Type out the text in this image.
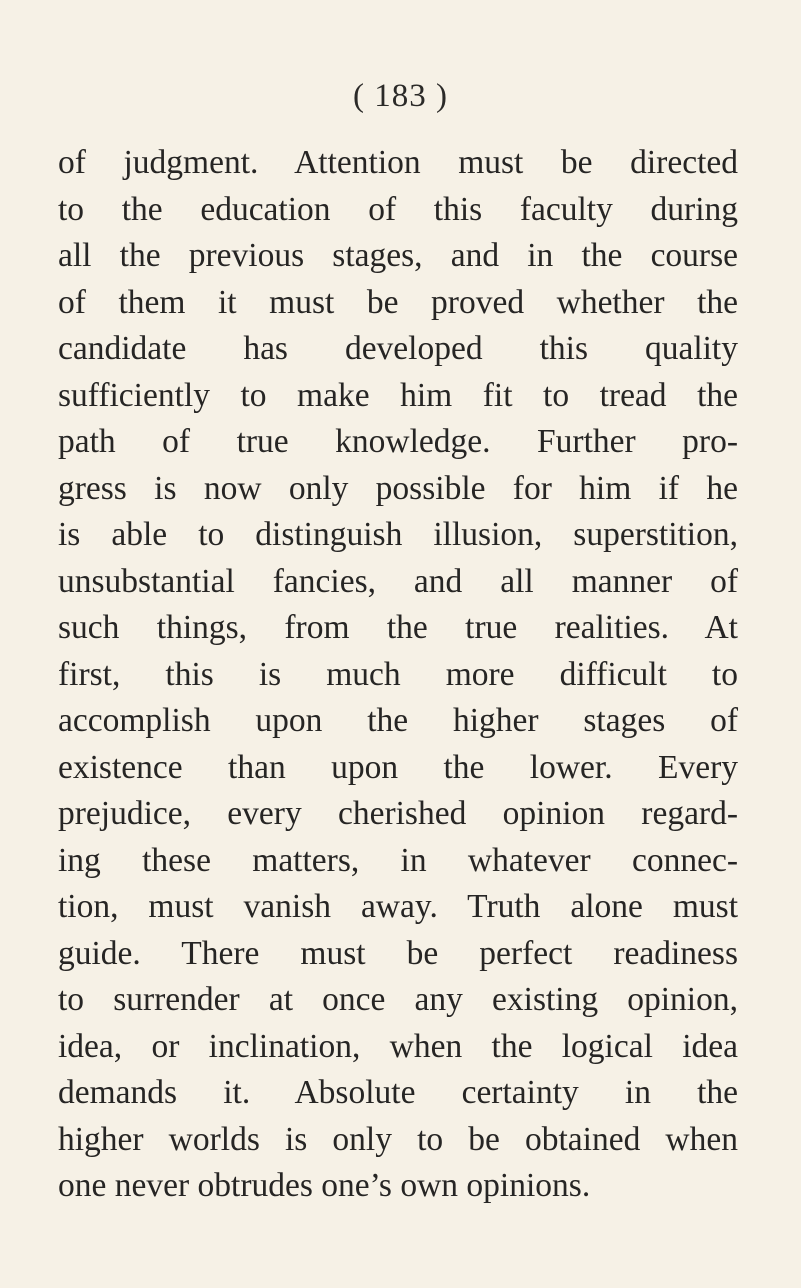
( 183 )
of judgment. Attention must be directed
to the education of this faculty during
all the previous stages, and in the course
of them it must be proved whether the
candidate has developed this quality
sufficiently to make him fit to tread the
path of true knowledge. Further pro-
gress is now only possible for him if he
is able to distinguish illusion, superstition,
unsubstantial fancies, and all manner of
such things, from the true realities. At
first, this is much more difficult to
accomplish upon the higher stages of
existence than upon the lower. Every
prejudice, every cherished opinion regard-
ing these matters, in whatever connec-
tion, must vanish away. Truth alone must
guide. There must be perfect readiness
to surrender at once any existing opinion,
idea, or inclination, when the logical idea
demands it. Absolute certainty in the
higher worlds is only to be obtained when
one never obtrudes one’s own opinions.
